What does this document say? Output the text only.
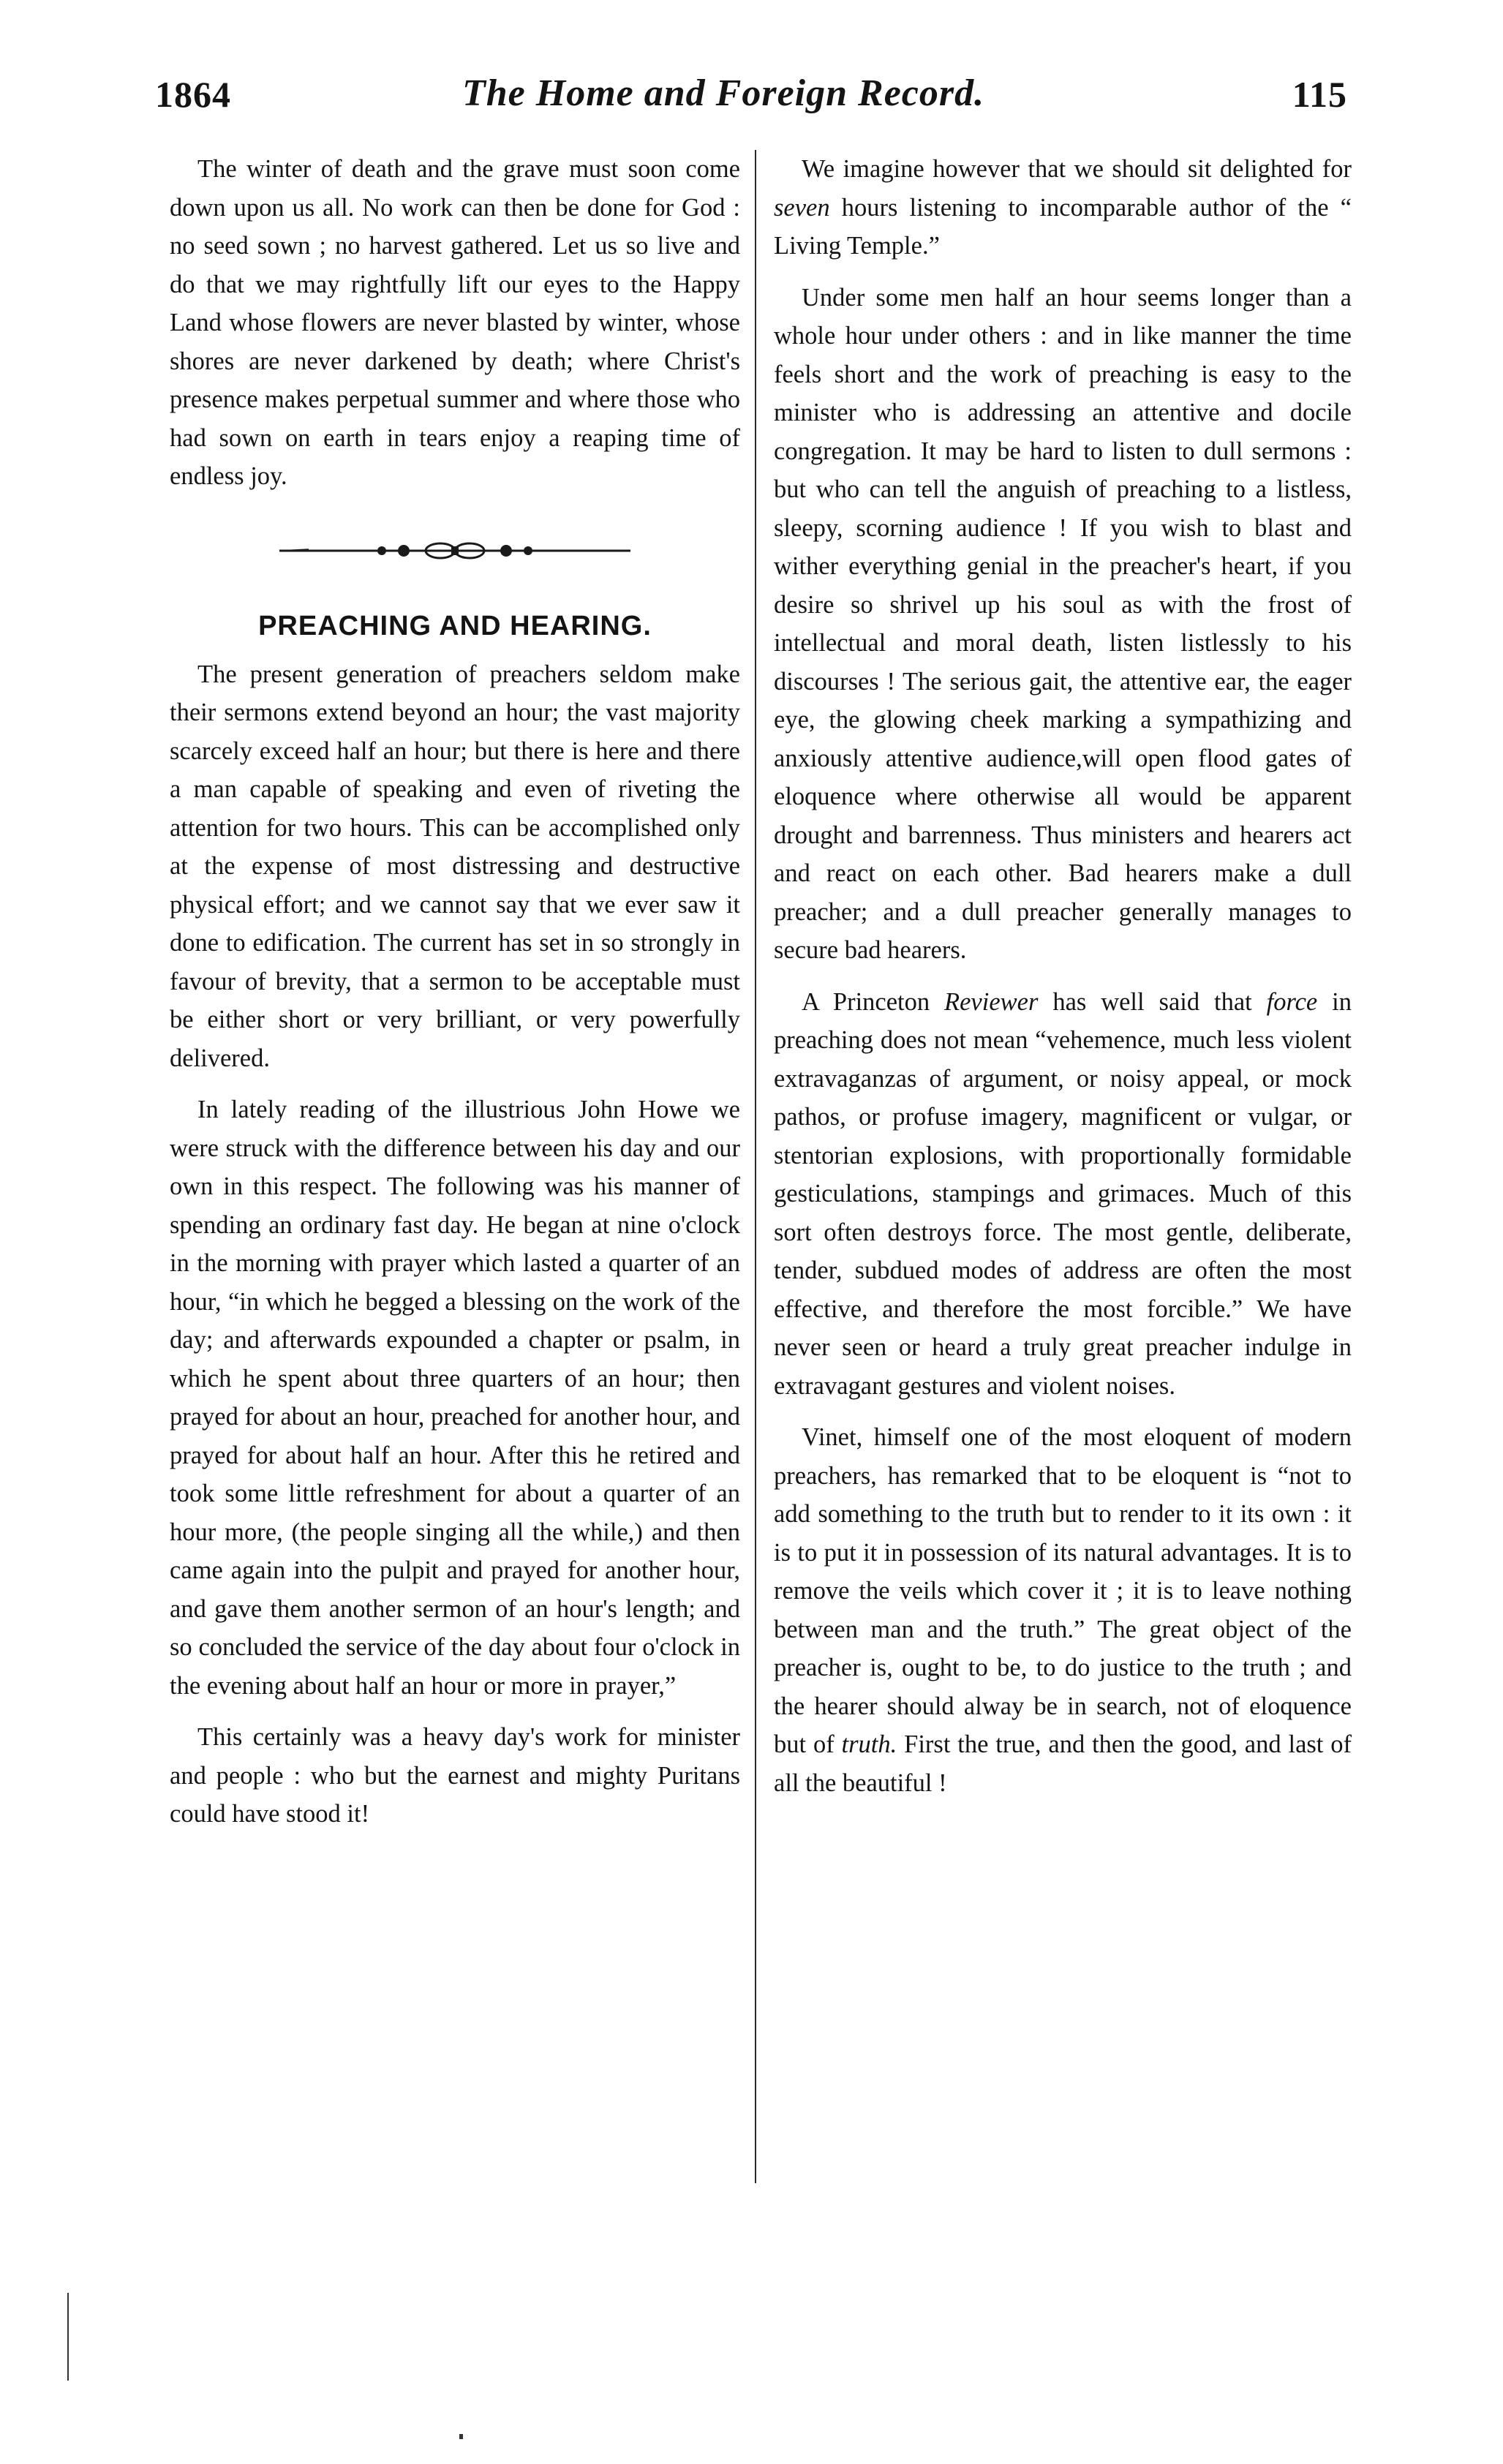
1864	The Home and Foreign Record.	115

The winter of death and the grave must soon come down upon us all. No work can then be done for God : no seed sown ; no harvest gathered. Let us so live and do that we may rightfully lift our eyes to the Happy Land whose flowers are never blasted by winter, whose shores are never darkened by death; where Christ's presence makes perpetual summer and where those who had sown on earth in tears enjoy a reaping time of endless joy.

PREACHING AND HEARING.

The present generation of preachers seldom make their sermons extend beyond an hour; the vast majority scarcely exceed half an hour; but there is here and there a man capable of speaking and even of riveting the attention for two hours. This can be accomplished only at the expense of most distressing and destructive physical effort; and we cannot say that we ever saw it done to edification. The current has set in so strongly in favour of brevity, that a sermon to be acceptable must be either short or very brilliant, or very powerfully delivered.

In lately reading of the illustrious John Howe we were struck with the difference between his day and our own in this respect. The following was his manner of spending an ordinary fast day. He began at nine o'clock in the morning with prayer which lasted a quarter of an hour, “in which he begged a blessing on the work of the day; and afterwards expounded a chapter or psalm, in which he spent about three quarters of an hour; then prayed for about an hour, preached for another hour, and prayed for about half an hour. After this he retired and took some little refreshment for about a quarter of an hour more, (the people singing all the while,) and then came again into the pulpit and prayed for another hour, and gave them another sermon of an hour's length; and so concluded the service of the day about four o'clock in the evening about half an hour or more in prayer,”

This certainly was a heavy day's work for minister and people : who but the earnest and mighty Puritans could have stood it!

We imagine however that we should sit delighted for seven hours listening to incomparable author of the “ Living Temple.”

Under some men half an hour seems longer than a whole hour under others : and in like manner the time feels short and the work of preaching is easy to the minister who is addressing an attentive and docile congregation. It may be hard to listen to dull sermons : but who can tell the anguish of preaching to a listless, sleepy, scorning audience ! If you wish to blast and wither everything genial in the preacher's heart, if you desire so shrivel up his soul as with the frost of intellectual and moral death, listen listlessly to his discourses ! The serious gait, the attentive ear, the eager eye, the glowing cheek marking a sympathizing and anxiously attentive audience,will open flood gates of eloquence where otherwise all would be apparent drought and barrenness. Thus ministers and hearers act and react on each other. Bad hearers make a dull preacher; and a dull preacher generally manages to secure bad hearers.

A Princeton Reviewer has well said that force in preaching does not mean “vehemence, much less violent extravaganzas of argument, or noisy appeal, or mock pathos, or profuse imagery, magnificent or vulgar, or stentorian explosions, with proportionally formidable gesticulations, stampings and grimaces. Much of this sort often destroys force. The most gentle, deliberate, tender, subdued modes of address are often the most effective, and therefore the most forcible.” We have never seen or heard a truly great preacher indulge in extravagant gestures and violent noises.

Vinet, himself one of the most eloquent of modern preachers, has remarked that to be eloquent is “not to add something to the truth but to render to it its own : it is to put it in possession of its natural advantages. It is to remove the veils which cover it ; it is to leave nothing between man and the truth.” The great object of the preacher is, ought to be, to do justice to the truth ; and the hearer should alway be in search, not of eloquence but of truth. First the true, and then the good, and last of all the beautiful !
